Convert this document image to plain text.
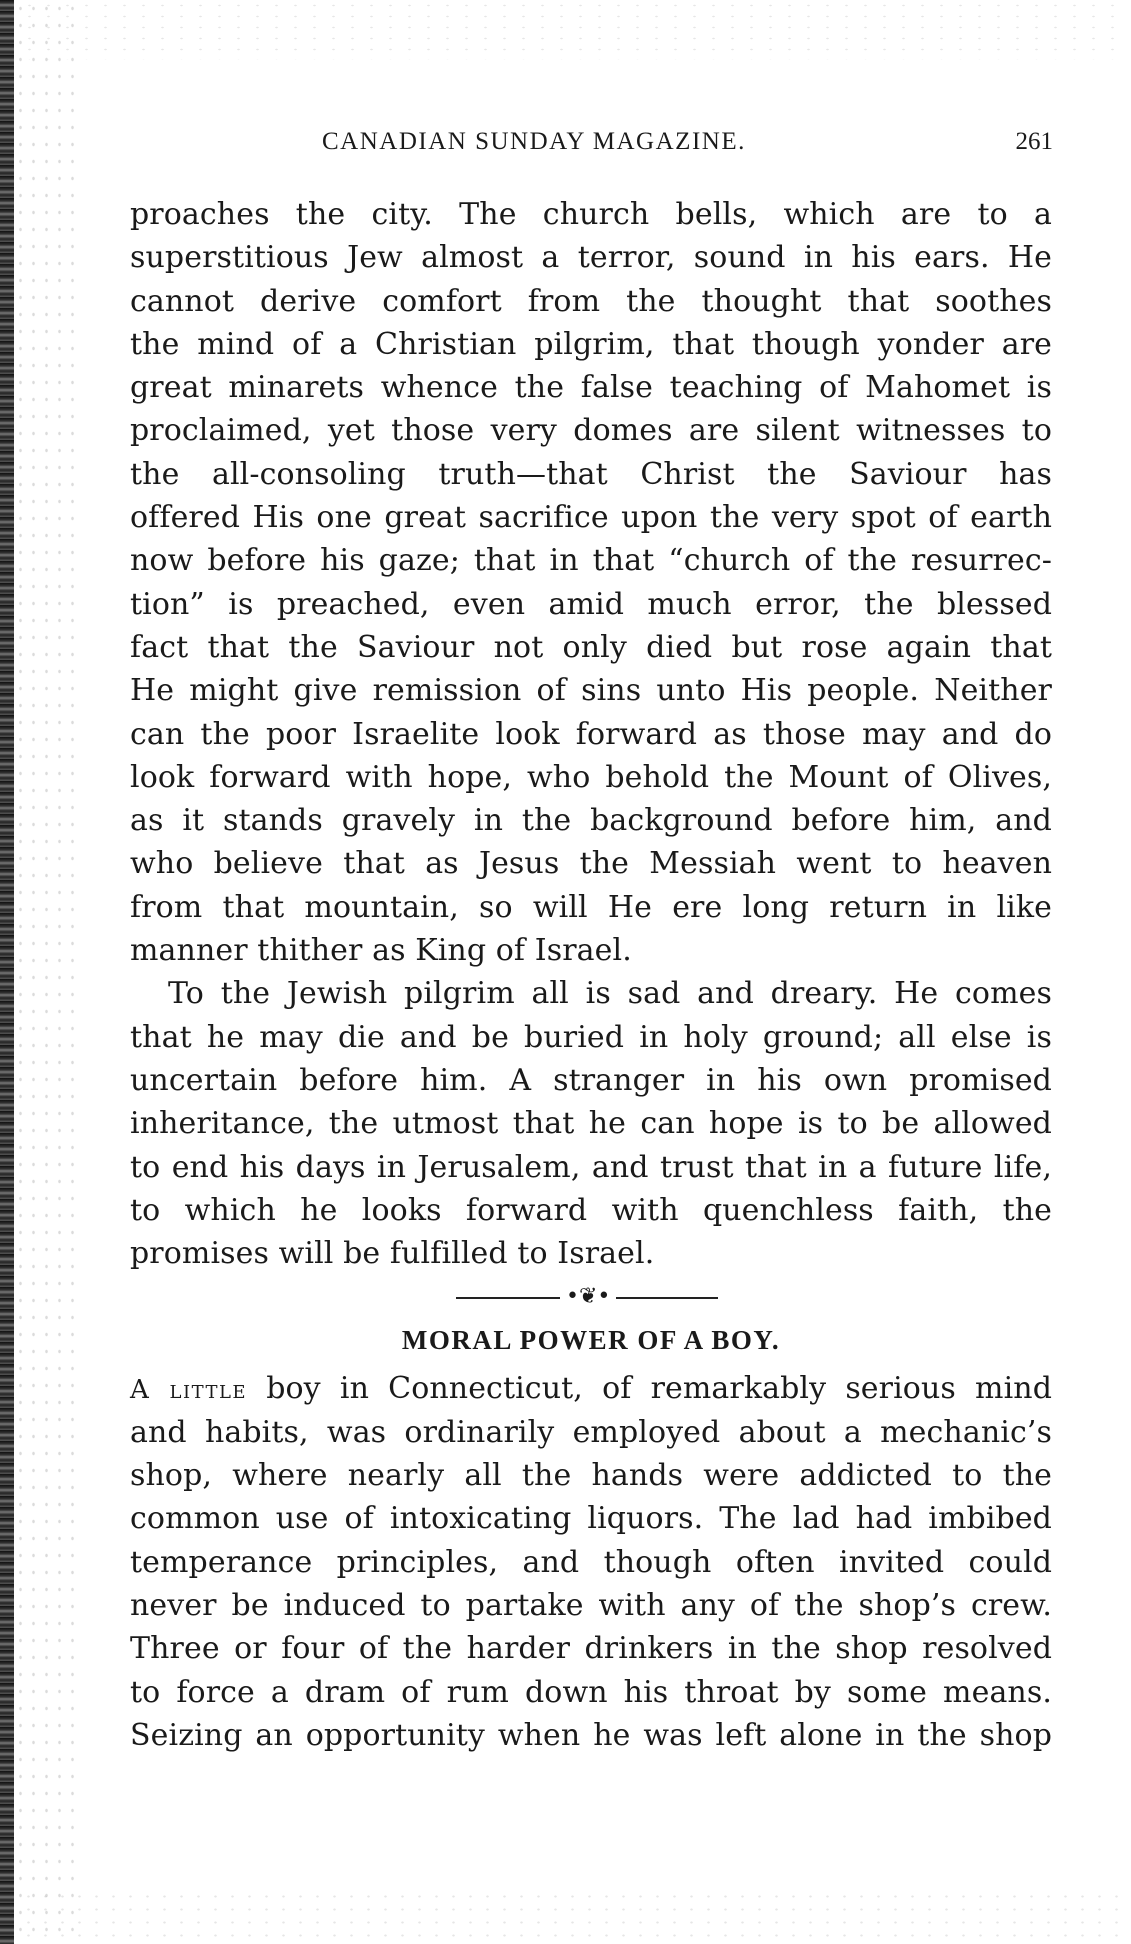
CANADIAN SUNDAY MAGAZINE.	261
proaches the city. The church bells, which are to a
superstitious Jew almost a terror, sound in his ears. He
cannot derive comfort from the thought that soothes
the mind of a Christian pilgrim, that though yonder are
great minarets whence the false teaching of Mahomet is
proclaimed, yet those very domes are silent witnesses to
the all-consoling truth—that Christ the Saviour has
offered His one great sacrifice upon the very spot of earth
now before his gaze; that in that “church of the resurrec-
tion” is preached, even amid much error, the blessed
fact that the Saviour not only died but rose again that
He might give remission of sins unto His people. Neither
can the poor Israelite look forward as those may and do
look forward with hope, who behold the Mount of Olives,
as it stands gravely in the background before him, and
who believe that as Jesus the Messiah went to heaven
from that mountain, so will He ere long return in like
manner thither as King of Israel.
To the Jewish pilgrim all is sad and dreary. He comes
that he may die and be buried in holy ground; all else is
uncertain before him. A stranger in his own promised
inheritance, the utmost that he can hope is to be allowed
to end his days in Jerusalem, and trust that in a future life,
to which he looks forward with quenchless faith, the
promises will be fulfilled to Israel.
•❦•
MORAL POWER OF A BOY.
A little boy in Connecticut, of remarkably serious mind
and habits, was ordinarily employed about a mechanic’s
shop, where nearly all the hands were addicted to the
common use of intoxicating liquors. The lad had imbibed
temperance principles, and though often invited could
never be induced to partake with any of the shop’s crew.
Three or four of the harder drinkers in the shop resolved
to force a dram of rum down his throat by some means.
Seizing an opportunity when he was left alone in the shop
